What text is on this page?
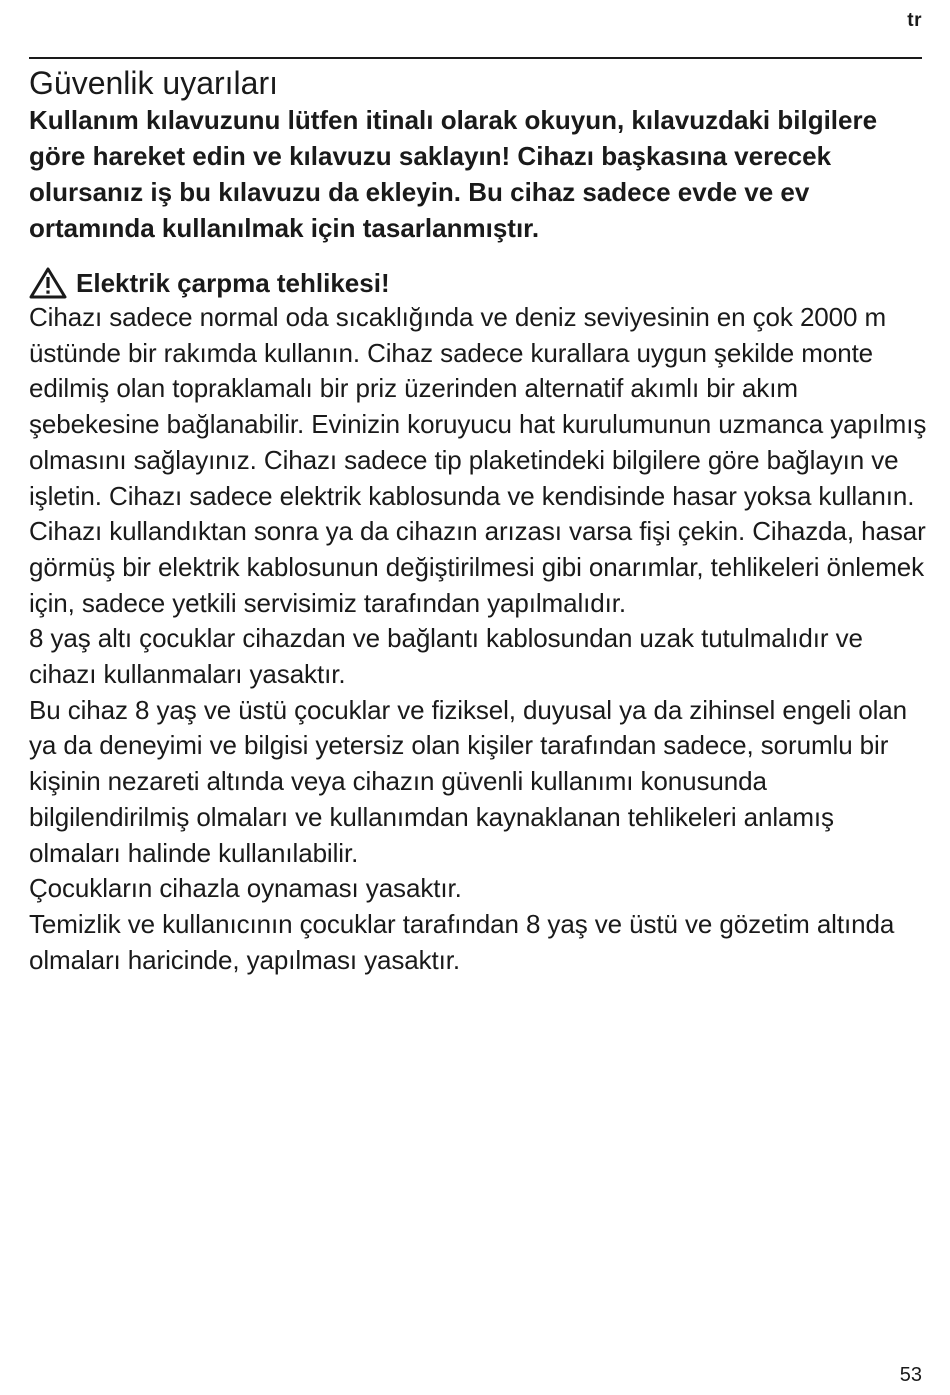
tr
Güvenlik uyarıları

Kullanım kılavuzunu lütfen itinalı olarak okuyun, kılavuzdaki bilgilere göre hareket edin ve kılavuzu saklayın! Cihazı başkasına verecek olursanız iş bu kılavuzu da ekleyin. Bu cihaz sadece evde ve ev ortamında kullanılmak için tasarlanmıştır.

Elektrik çarpma tehlikesi!

Cihazı sadece normal oda sıcaklığında ve deniz seviyesinin en çok 2000 m üstünde bir rakımda kullanın. Cihaz sadece kurallara uygun şekilde monte edilmiş olan topraklamalı bir priz üzerinden alternatif akımlı bir akım şebekesine bağlanabilir. Evinizin koruyucu hat kurulumunun uzmanca yapılmış olmasını sağlayınız. Cihazı sadece tip plaketindeki bilgilere göre bağlayın ve işletin. Cihazı sadece elektrik kablosunda ve kendisinde hasar yoksa kullanın. Cihazı kullandıktan sonra ya da cihazın arızası varsa fişi çekin. Cihazda, hasar görmüş bir elektrik kablosunun değiştirilmesi gibi onarımlar, tehlikeleri önlemek için, sadece yetkili servisimiz tarafından yapılmalıdır.

8 yaş altı çocuklar cihazdan ve bağlantı kablosundan uzak tutulmalıdır ve cihazı kullanmaları yasaktır.

Bu cihaz 8 yaş ve üstü çocuklar ve fiziksel, duyusal ya da zihinsel engeli olan ya da deneyimi ve bilgisi yetersiz olan kişiler tarafından sadece, sorumlu bir kişinin nezareti altında veya cihazın güvenli kullanımı konusunda bilgilendirilmiş olmaları ve kullanımdan kaynaklanan tehlikeleri anlamış olmaları halinde kullanılabilir.

Çocukların cihazla oynaması yasaktır.

Temizlik ve kullanıcının çocuklar tarafından 8 yaş ve üstü ve gözetim altında olmaları haricinde, yapılması yasaktır.

53
